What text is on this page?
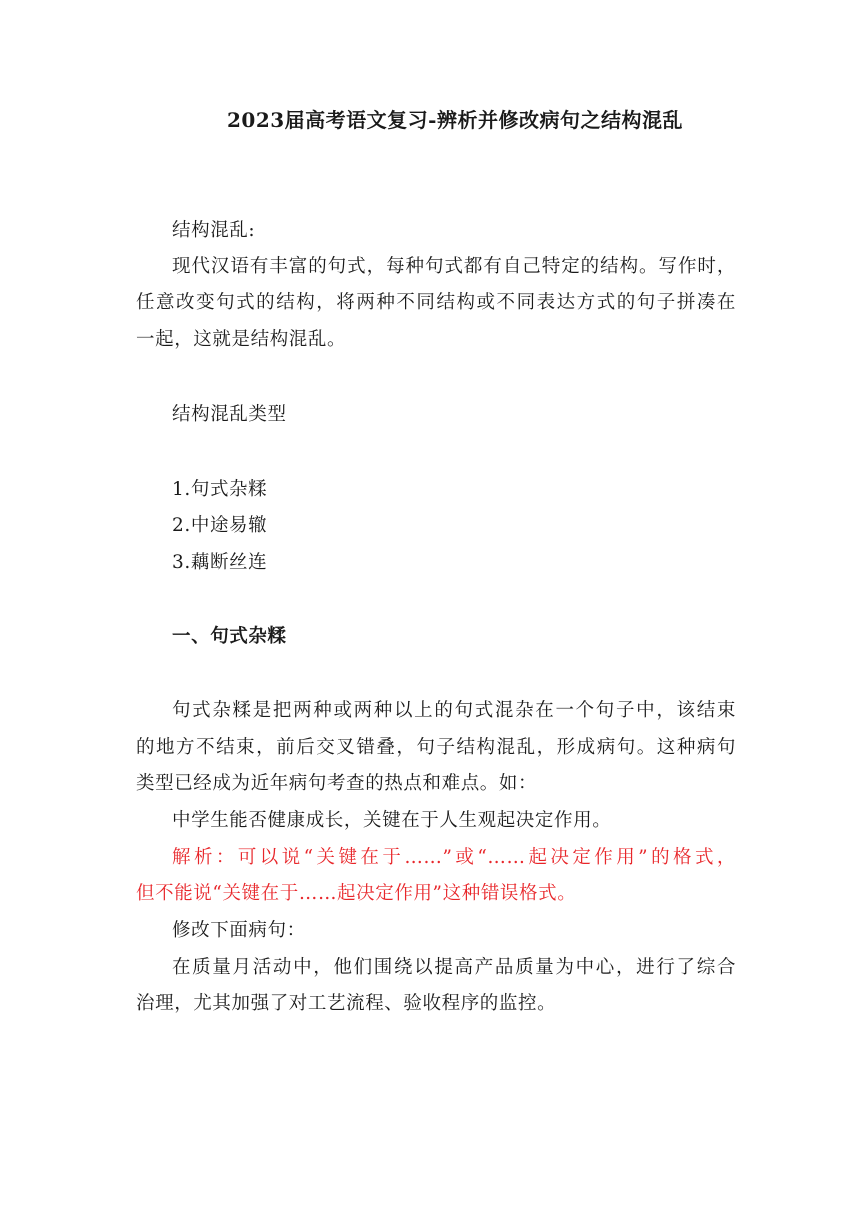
2023届高考语文复习-辨析并修改病句之结构混乱
结构混乱:
现代汉语有丰富的句式，每种句式都有自己特定的结构。写作时，
任意改变句式的结构，将两种不同结构或不同表达方式的句子拼凑在
一起，这就是结构混乱。
结构混乱类型
1.句式杂糅
2.中途易辙
3.藕断丝连
一、句式杂糅
句式杂糅是把两种或两种以上的句式混杂在一个句子中，该结束
的地方不结束，前后交叉错叠，句子结构混乱，形成病句。这种病句
类型已经成为近年病句考查的热点和难点。如：
中学生能否健康成长，关键在于人生观起决定作用。
解析：可以说“关键在于……”或“……起决定作用”的格式，
但不能说“关键在于……起决定作用”这种错误格式。
修改下面病句：
在质量月活动中，他们围绕以提高产品质量为中心，进行了综合
治理，尤其加强了对工艺流程、验收程序的监控。
